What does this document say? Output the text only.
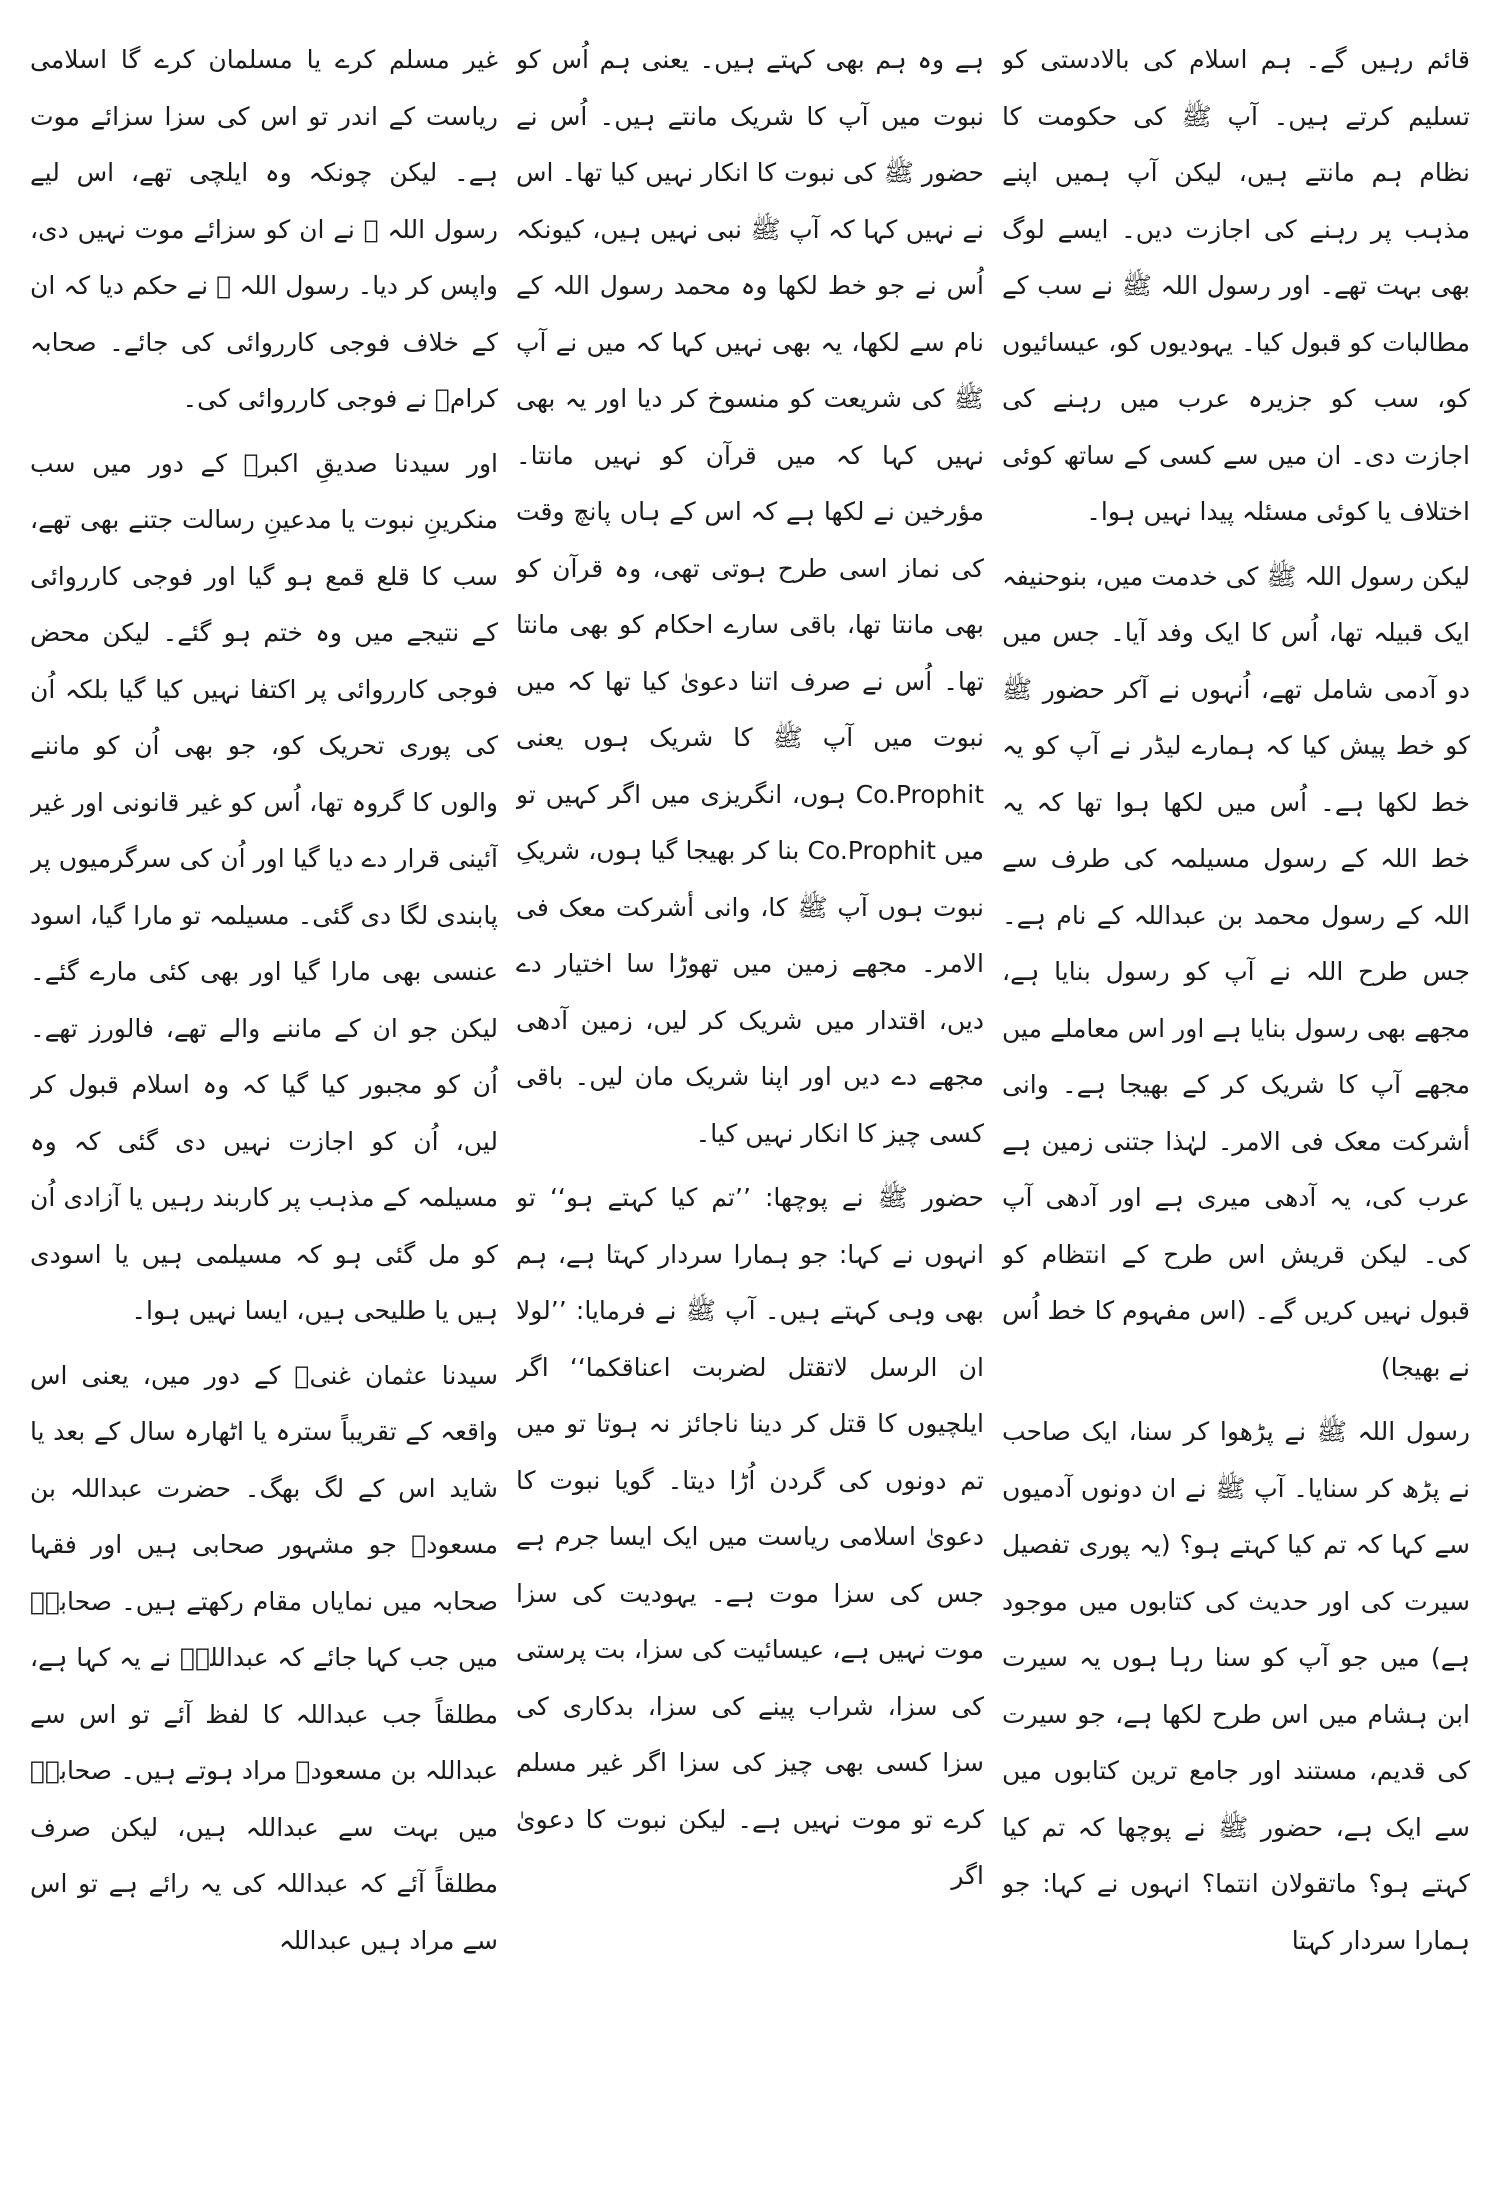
قائم رہیں گے۔ ہم اسلام کی بالادستی کو تسلیم کرتے ہیں۔ آپ ﷺ کی حکومت کا نظام ہم مانتے ہیں، لیکن آپ ہمیں اپنے مذہب پر رہنے کی اجازت دیں۔ ایسے لوگ بھی بہت تھے۔ اور رسول اللہ ﷺ نے سب کے مطالبات کو قبول کیا۔ یہودیوں کو، عیسائیوں کو، سب کو جزیرہ عرب میں رہنے کی اجازت دی۔ ان میں سے کسی کے ساتھ کوئی اختلاف یا کوئی مسئلہ پیدا نہیں ہوا۔

لیکن رسول اللہ ﷺ کی خدمت میں، بنوحنیفہ ایک قبیلہ تھا، اُس کا ایک وفد آیا۔ جس میں دو آدمی شامل تھے، اُنہوں نے آکر حضور ﷺ کو خط پیش کیا کہ ہمارے لیڈر نے آپ کو یہ خط لکھا ہے۔ اُس میں لکھا ہوا تھا کہ یہ خط اللہ کے رسول مسیلمہ کی طرف سے اللہ کے رسول محمد بن عبداللہ کے نام ہے۔ جس طرح اللہ نے آپ کو رسول بنایا ہے، مجھے بھی رسول بنایا ہے اور اس معاملے میں مجھے آپ کا شریک کر کے بھیجا ہے۔ وانی أشرکت معک فی الامر۔ لہٰذا جتنی زمین ہے عرب کی، یہ آدھی میری ہے اور آدھی آپ کی۔ لیکن قریش اس طرح کے انتظام کو قبول نہیں کریں گے۔ (اس مفہوم کا خط اُس نے بھیجا)

رسول اللہ ﷺ نے پڑھوا کر سنا، ایک صاحب نے پڑھ کر سنایا۔ آپ ﷺ نے ان دونوں آدمیوں سے کہا کہ تم کیا کہتے ہو؟ (یہ پوری تفصیل سیرت کی اور حدیث کی کتابوں میں موجود ہے) میں جو آپ کو سنا رہا ہوں یہ سیرت ابن ہشام میں اس طرح لکھا ہے، جو سیرت کی قدیم، مستند اور جامع ترین کتابوں میں سے ایک ہے، حضور ﷺ نے پوچھا کہ تم کیا کہتے ہو؟ ماتقولان انتما؟ انہوں نے کہا: جو ہمارا سردار کہتا

ہے وہ ہم بھی کہتے ہیں۔ یعنی ہم اُس کو نبوت میں آپ کا شریک مانتے ہیں۔ اُس نے حضور ﷺ کی نبوت کا انکار نہیں کیا تھا۔ اس نے نہیں کہا کہ آپ ﷺ نبی نہیں ہیں، کیونکہ اُس نے جو خط لکھا وہ محمد رسول اللہ کے نام سے لکھا، یہ بھی نہیں کہا کہ میں نے آپ ﷺ کی شریعت کو منسوخ کر دیا اور یہ بھی نہیں کہا کہ میں قرآن کو نہیں مانتا۔ مؤرخین نے لکھا ہے کہ اس کے ہاں پانچ وقت کی نماز اسی طرح ہوتی تھی، وہ قرآن کو بھی مانتا تھا، باقی سارے احکام کو بھی مانتا تھا۔ اُس نے صرف اتنا دعویٰ کیا تھا کہ میں نبوت میں آپ ﷺ کا شریک ہوں یعنی Co.Prophit ہوں، انگریزی میں اگر کہیں تو میں Co.Prophit بنا کر بھیجا گیا ہوں، شریکِ نبوت ہوں آپ ﷺ کا، وانی أشرکت معک فی الامر۔ مجھے زمین میں تھوڑا سا اختیار دے دیں، اقتدار میں شریک کر لیں، زمین آدھی مجھے دے دیں اور اپنا شریک مان لیں۔ باقی کسی چیز کا انکار نہیں کیا۔

حضور ﷺ نے پوچھا: ’’تم کیا کہتے ہو‘‘ تو انہوں نے کہا: جو ہمارا سردار کہتا ہے، ہم بھی وہی کہتے ہیں۔ آپ ﷺ نے فرمایا: ’’لولا ان الرسل لاتقتل لضربت اعناقکما‘‘ اگر ایلچیوں کا قتل کر دینا ناجائز نہ ہوتا تو میں تم دونوں کی گردن اُڑا دیتا۔ گویا نبوت کا دعویٰ اسلامی ریاست میں ایک ایسا جرم ہے جس کی سزا موت ہے۔ یہودیت کی سزا موت نہیں ہے، عیسائیت کی سزا، بت پرستی کی سزا، شراب پینے کی سزا، بدکاری کی سزا کسی بھی چیز کی سزا اگر غیر مسلم کرے تو موت نہیں ہے۔ لیکن نبوت کا دعویٰ اگر

غیر مسلم کرے یا مسلمان کرے گا اسلامی ریاست کے اندر تو اس کی سزا سزائے موت ہے۔ لیکن چونکہ وہ ایلچی تھے، اس لیے رسول اللہ ﷺ نے ان کو سزائے موت نہیں دی، واپس کر دیا۔ رسول اللہ ﷺ نے حکم دیا کہ ان کے خلاف فوجی کارروائی کی جائے۔ صحابہ کرامؓ نے فوجی کارروائی کی۔

اور سیدنا صدیقِ اکبرؓ کے دور میں سب منکرینِ نبوت یا مدعینِ رسالت جتنے بھی تھے، سب کا قلع قمع ہو گیا اور فوجی کارروائی کے نتیجے میں وہ ختم ہو گئے۔ لیکن محض فوجی کارروائی پر اکتفا نہیں کیا گیا بلکہ اُن کی پوری تحریک کو، جو بھی اُن کو ماننے والوں کا گروہ تھا، اُس کو غیر قانونی اور غیر آئینی قرار دے دیا گیا اور اُن کی سرگرمیوں پر پابندی لگا دی گئی۔ مسیلمہ تو مارا گیا، اسود عنسی بھی مارا گیا اور بھی کئی مارے گئے۔ لیکن جو ان کے ماننے والے تھے، فالورز تھے۔ اُن کو مجبور کیا گیا کہ وہ اسلام قبول کر لیں، اُن کو اجازت نہیں دی گئی کہ وہ مسیلمہ کے مذہب پر کاربند رہیں یا آزادی اُن کو مل گئی ہو کہ مسیلمی ہیں یا اسودی ہیں یا طلیحی ہیں، ایسا نہیں ہوا۔

سیدنا عثمان غنیؓ کے دور میں، یعنی اس واقعہ کے تقریباً سترہ یا اٹھارہ سال کے بعد یا شاید اس کے لگ بھگ۔ حضرت عبداللہ بن مسعودؓ جو مشہور صحابی ہیں اور فقہا صحابہ میں نمایاں مقام رکھتے ہیں۔ صحابہؓ میں جب کہا جائے کہ عبداللہؓ نے یہ کہا ہے، مطلقاً جب عبداللہ کا لفظ آئے تو اس سے عبداللہ بن مسعودؓ مراد ہوتے ہیں۔ صحابہؓ میں بہت سے عبداللہ ہیں، لیکن صرف مطلقاً آئے کہ عبداللہ کی یہ رائے ہے تو اس سے مراد ہیں عبداللہ
